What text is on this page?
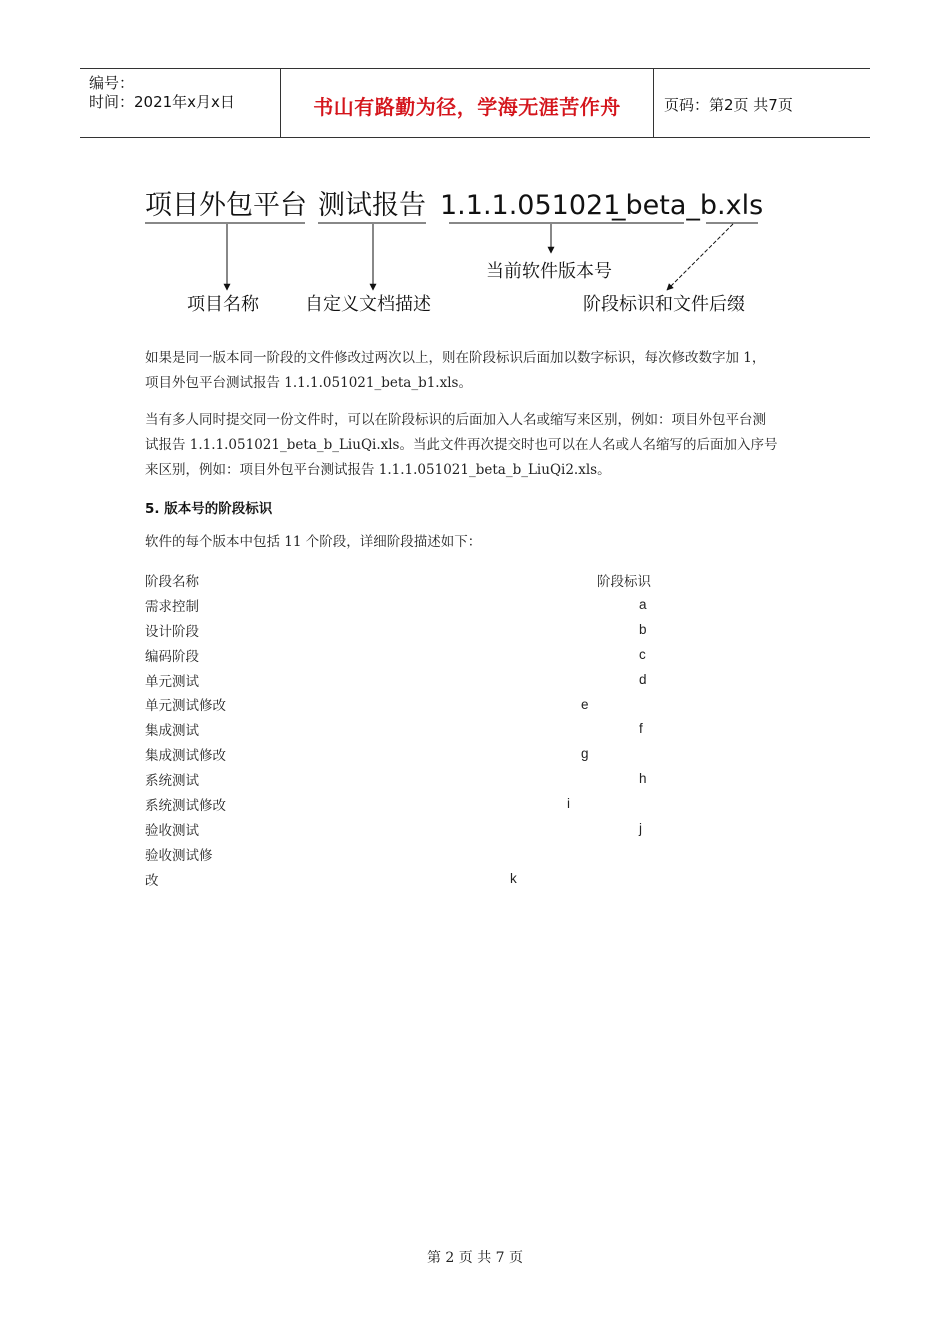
编号：
时间：2021年x月x日	书山有路勤为径，学海无涯苦作舟	页码：第2页 共7页
项目外包平台 测试报告 1.1.1.051021
_beta_b.xls
项目名称	自定义文档描述
当前软件版本号
阶段标识和文件后缀
如果是同一版本同一阶段的文件修改过两次以上，则在阶段标识后面加以数字标识，每次修改数字加 1，
项目外包平台测试报告 1.1.1.051021_beta_b1.xls。
当有多人同时提交同一份文件时，可以在阶段标识的后面加入人名或缩写来区别，例如：项目外包平台测
试报告 1.1.1.051021_beta_b_LiuQi.xls。当此文件再次提交时也可以在人名或人名缩写的后面加入序号
来区别，例如：项目外包平台测试报告 1.1.1.051021_beta_b_LiuQi2.xls。
5. 版本号的阶段标识
软件的每个版本中包括 11 个阶段，详细阶段描述如下：
阶段名称	阶段标识
需求控制	a
设计阶段	b
编码阶段	c
单元测试	d
单元测试修改	e
集成测试	f
集成测试修改	g
系统测试	h
系统测试修改	i
验收测试	j
验收测试修
改	k
第 2 页 共 7 页
